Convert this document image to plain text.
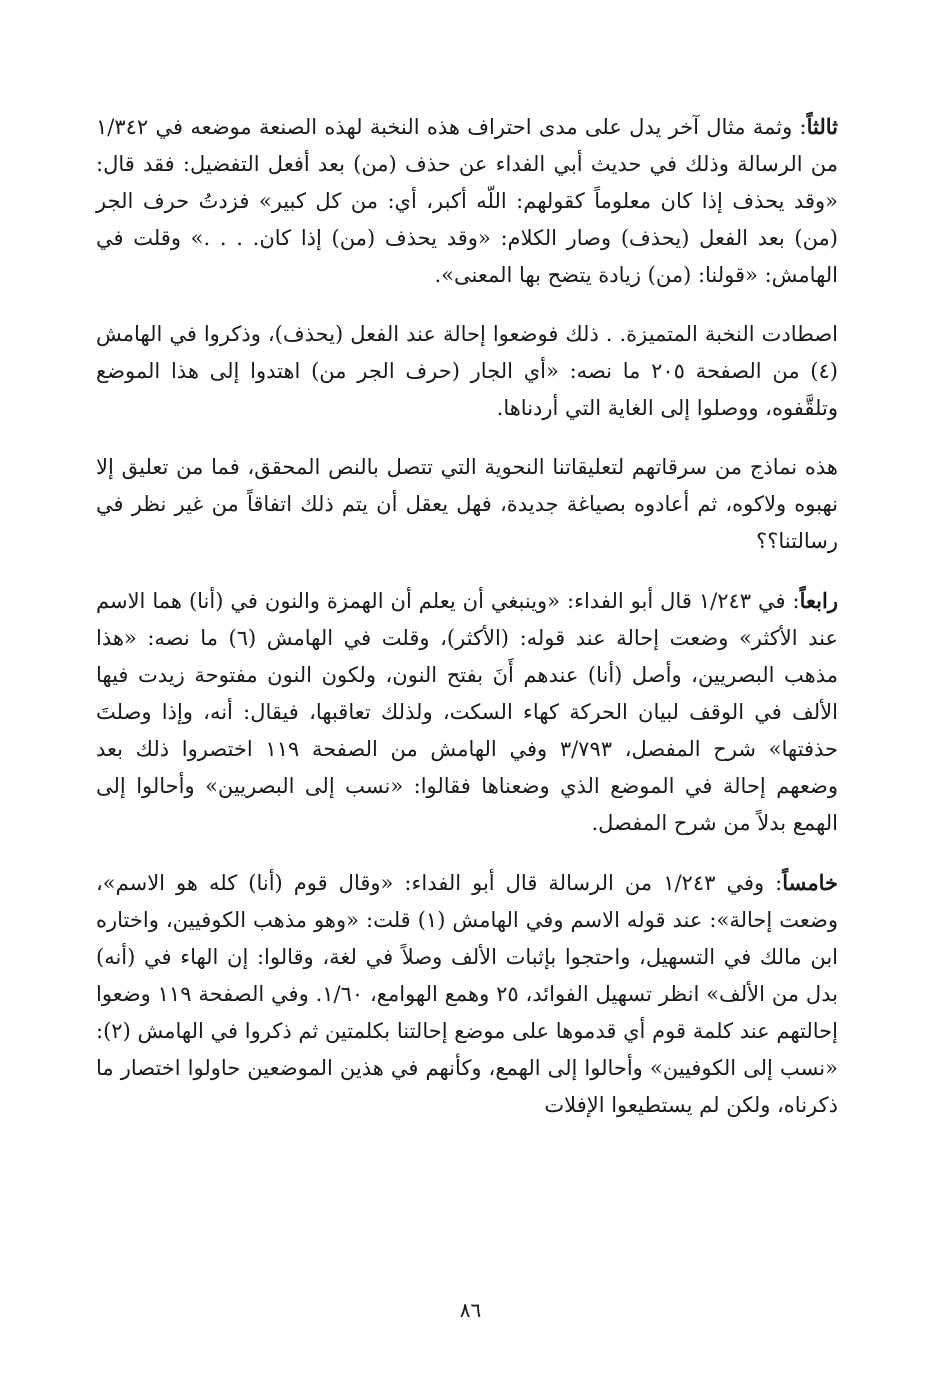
ثالثاً: وثمة مثال آخر يدل على مدى احتراف هذه النخبة لهذه الصنعة موضعه في ١/٣٤٢ من الرسالة وذلك في حديث أبي الفداء عن حذف (من) بعد أفعل التفضيل: فقد قال: «وقد يحذف إذا كان معلوماً كقولهم: اللّه أكبر، أي: من كل كبير» فزدتُ حرف الجر (من) بعد الفعل (يحذف) وصار الكلام: «وقد يحذف (من) إذا كان. . . .» وقلت في الهامش: «قولنا: (من) زيادة يتضح بها المعنى».

اصطادت النخبة المتميزة. . ذلك فوضعوا إحالة عند الفعل (يحذف)، وذكروا في الهامش (٤) من الصفحة ٢٠٥ ما نصه: «أي الجار (حرف الجر من) اهتدوا إلى هذا الموضع وتلقَّفوه، ووصلوا إلى الغاية التي أردناها.

هذه نماذج من سرقاتهم لتعليقاتنا النحوية التي تتصل بالنص المحقق، فما من تعليق إلا نهبوه ولاكوه، ثم أعادوه بصياغة جديدة، فهل يعقل أن يتم ذلك اتفاقاً من غير نظر في رسالتنا؟؟

رابعاً: في ١/٢٤٣ قال أبو الفداء: «وينبغي أن يعلم أن الهمزة والنون في (أنا) هما الاسم عند الأكثر» وضعت إحالة عند قوله: (الأكثر)، وقلت في الهامش (٦) ما نصه: «هذا مذهب البصريين، وأصل (أنا) عندهم أَنَ بفتح النون، ولكون النون مفتوحة زيدت فيها الألف في الوقف لبيان الحركة كهاء السكت، ولذلك تعاقبها، فيقال: أنه، وإذا وصلتَ حذفتها» شرح المفصل، ٣/٧٩٣ وفي الهامش من الصفحة ١١٩ اختصروا ذلك بعد وضعهم إحالة في الموضع الذي وضعناها فقالوا: «نسب إلى البصريين» وأحالوا إلى الهمع بدلاً من شرح المفصل.

خامساً: وفي ١/٢٤٣ من الرسالة قال أبو الفداء: «وقال قوم (أنا) كله هو الاسم»، وضعت إحالة»: عند قوله الاسم وفي الهامش (١) قلت: «وهو مذهب الكوفيين، واختاره ابن مالك في التسهيل، واحتجوا بإثبات الألف وصلاً في لغة، وقالوا: إن الهاء في (أنه) بدل من الألف» انظر تسهيل الفوائد، ٢٥ وهمع الهوامع، ١/٦٠. وفي الصفحة ١١٩ وضعوا إحالتهم عند كلمة قوم أي قدموها على موضع إحالتنا بكلمتين ثم ذكروا في الهامش (٢): «نسب إلى الكوفيين» وأحالوا إلى الهمع، وكأنهم في هذين الموضعين حاولوا اختصار ما ذكرناه، ولكن لم يستطيعوا الإفلات

٨٦
